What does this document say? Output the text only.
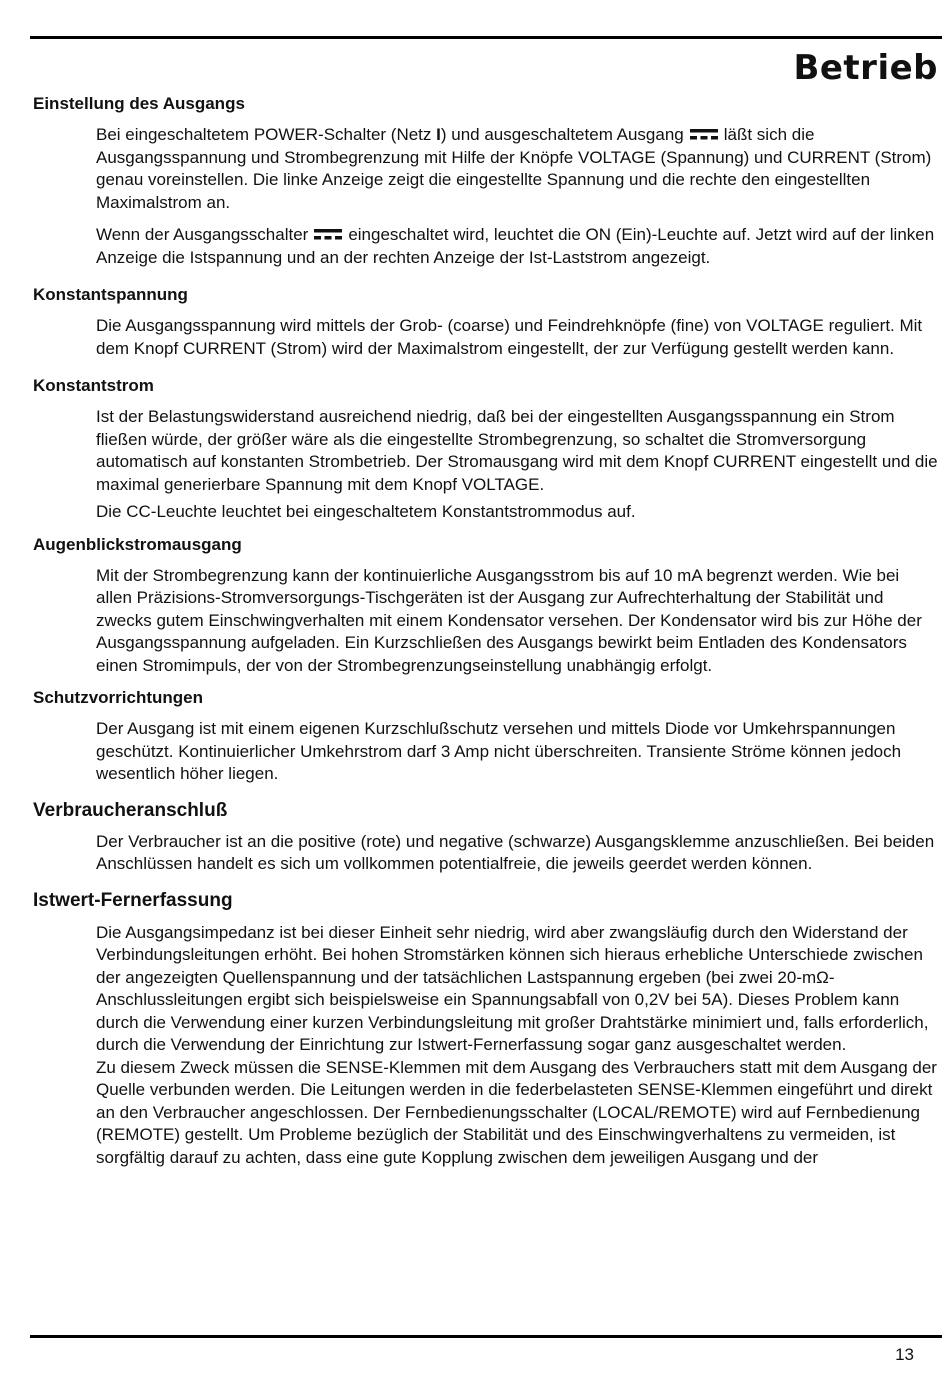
Betrieb
Einstellung des Ausgangs

Bei eingeschaltetem POWER-Schalter (Netz I) und ausgeschaltetem Ausgang läßt sich die Ausgangsspannung und Strombegrenzung mit Hilfe der Knöpfe VOLTAGE (Spannung) und CURRENT (Strom) genau voreinstellen. Die linke Anzeige zeigt die eingestellte Spannung und die rechte den eingestellten Maximalstrom an.

Wenn der Ausgangsschalter eingeschaltet wird, leuchtet die ON (Ein)-Leuchte auf. Jetzt wird auf der linken Anzeige die Istspannung und an der rechten Anzeige der Ist-Laststrom angezeigt.

Konstantspannung

Die Ausgangsspannung wird mittels der Grob- (coarse) und Feindrehknöpfe (fine) von VOLTAGE reguliert. Mit dem Knopf CURRENT (Strom) wird der Maximalstrom eingestellt, der zur Verfügung gestellt werden kann.

Konstantstrom

Ist der Belastungswiderstand ausreichend niedrig, daß bei der eingestellten Ausgangsspannung ein Strom fließen würde, der größer wäre als die eingestellte Strombegrenzung, so schaltet die Stromversorgung automatisch auf konstanten Strombetrieb. Der Stromausgang wird mit dem Knopf CURRENT eingestellt und die maximal generierbare Spannung mit dem Knopf VOLTAGE.

Die CC-Leuchte leuchtet bei eingeschaltetem Konstantstrommodus auf.

Augenblickstromausgang

Mit der Strombegrenzung kann der kontinuierliche Ausgangsstrom bis auf 10 mA begrenzt werden. Wie bei allen Präzisions-Stromversorgungs-Tischgeräten ist der Ausgang zur Aufrechterhaltung der Stabilität und zwecks gutem Einschwingverhalten mit einem Kondensator versehen. Der Kondensator wird bis zur Höhe der Ausgangsspannung aufgeladen. Ein Kurzschließen des Ausgangs bewirkt beim Entladen des Kondensators einen Stromimpuls, der von der Strombegrenzungseinstellung unabhängig erfolgt.

Schutzvorrichtungen

Der Ausgang ist mit einem eigenen Kurzschlußschutz versehen und mittels Diode vor Umkehrspannungen geschützt. Kontinuierlicher Umkehrstrom darf 3 Amp nicht überschreiten. Transiente Ströme können jedoch wesentlich höher liegen.

Verbraucheranschluß

Der Verbraucher ist an die positive (rote) und negative (schwarze) Ausgangsklemme anzuschließen. Bei beiden Anschlüssen handelt es sich um vollkommen potentialfreie, die jeweils geerdet werden können.

Istwert-Fernerfassung

Die Ausgangsimpedanz ist bei dieser Einheit sehr niedrig, wird aber zwangsläufig durch den Widerstand der Verbindungsleitungen erhöht. Bei hohen Stromstärken können sich hieraus erhebliche Unterschiede zwischen der angezeigten Quellenspannung und der tatsächlichen Lastspannung ergeben (bei zwei 20-mΩ-Anschlussleitungen ergibt sich beispielsweise ein Spannungsabfall von 0,2V bei 5A). Dieses Problem kann durch die Verwendung einer kurzen Verbindungsleitung mit großer Drahtstärke minimiert und, falls erforderlich, durch die Verwendung der Einrichtung zur Istwert-Fernerfassung sogar ganz ausgeschaltet werden.

Zu diesem Zweck müssen die SENSE-Klemmen mit dem Ausgang des Verbrauchers statt mit dem Ausgang der Quelle verbunden werden. Die Leitungen werden in die federbelasteten SENSE-Klemmen eingeführt und direkt an den Verbraucher angeschlossen. Der Fernbedienungsschalter (LOCAL/REMOTE) wird auf Fernbedienung (REMOTE) gestellt. Um Probleme bezüglich der Stabilität und des Einschwingverhaltens zu vermeiden, ist sorgfältig darauf zu achten, dass eine gute Kopplung zwischen dem jeweiligen Ausgang und der

13
